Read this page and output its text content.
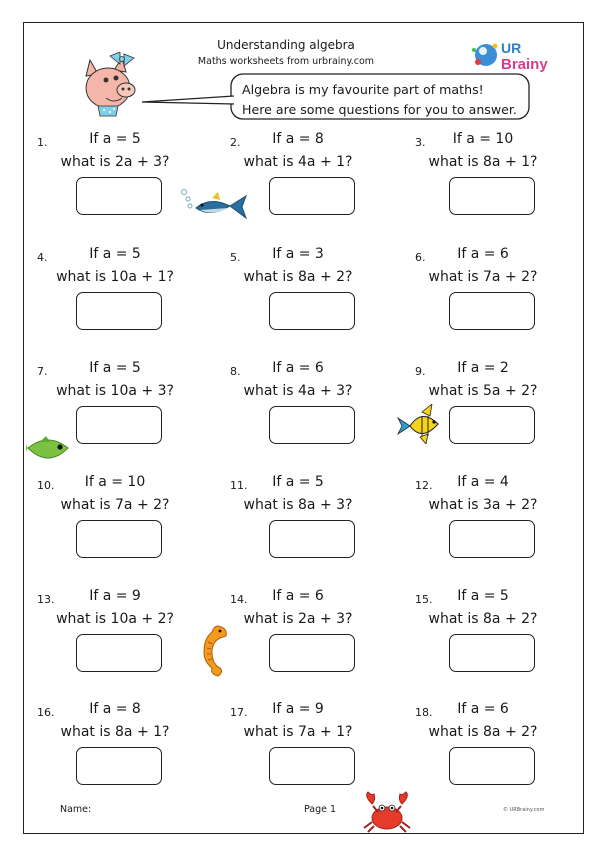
Understanding algebra
Maths worksheets from urbrainy.com
UR
Brainy
Algebra is my favourite part of maths!
Here are some questions for you to answer.
1.	If a = 5
what is 2a + 3?
2.	If a = 8
what is 4a + 1?
3.	If a = 10
what is 8a + 1?
4.	If a = 5
what is 10a + 1?
5.	If a = 3
what is 8a + 2?
6.	If a = 6
what is 7a + 2?
7.	If a = 5
what is 10a + 3?
8.	If a = 6
what is 4a + 3?
9.	If a = 2
what is 5a + 2?
10.	If a = 10
what is 7a + 2?
11.	If a = 5
what is 8a + 3?
12.	If a = 4
what is 3a + 2?
13.	If a = 9
what is 10a + 2?
14.	If a = 6
what is 2a + 3?
15.	If a = 5
what is 8a + 2?
16.	If a = 8
what is 8a + 1?
17.	If a = 9
what is 7a + 1?
18.	If a = 6
what is 8a + 2?
Name:	Page 1	© URBrainy.com
